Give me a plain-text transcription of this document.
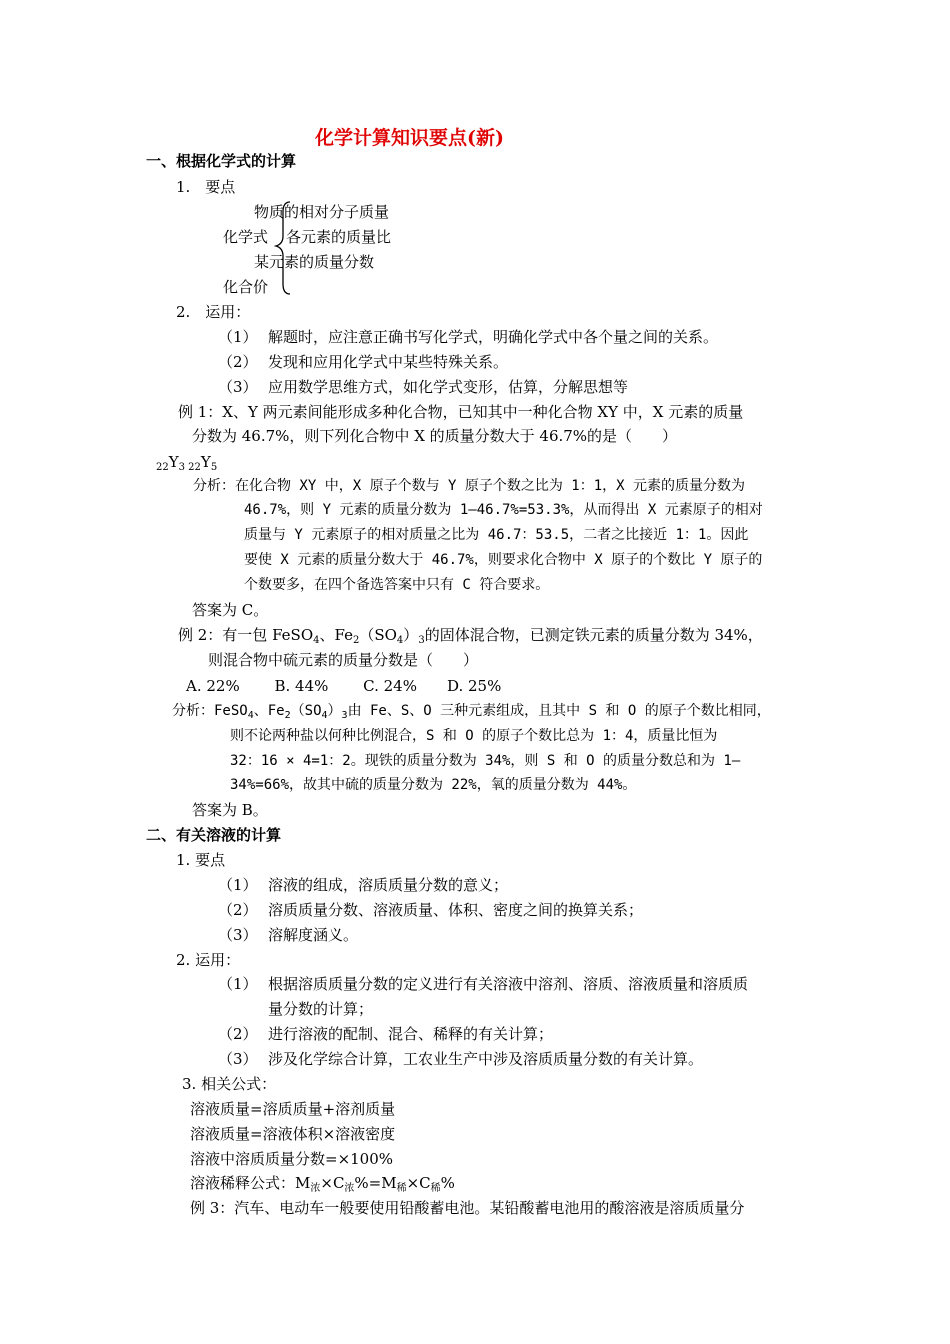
化学计算知识要点(新)
一、根据化学式的计算
1.　要点
物质的相对分子质量
化学式 各元素的质量比
某元素的质量分数
化合价
2.　运用：
（1） 解题时，应注意正确书写化学式，明确化学式中各个量之间的关系。
（2） 发现和应用化学式中某些特殊关系。
（3） 应用数学思维方式，如化学式变形，估算，分解思想等
例 1：X、Y 两元素间能形成多种化合物，已知其中一种化合物 XY 中，X 元素的质量
分数为 46.7%，则下列化合物中 X 的质量分数大于 46.7%的是（　　）
$_{22}Y_{3 22}Y_5$
分析：在化合物 XY 中，X 原子个数与 Y 原子个数之比为 1：1，X 元素的质量分数为
46.7%，则 Y 元素的质量分数为 1—46.7%=53.3%，从而得出 X 元素原子的相对
质量与 Y 元素原子的相对质量之比为 46.7：53.5，二者之比接近 1：1。因此
要使 X 元素的质量分数大于 46.7%，则要求化合物中 X 原子的个数比 Y 原子的
个数要多，在四个备选答案中只有 C 符合要求。
答案为 C。
例 2：有一包 FeSO$_4$、$Fe_2(SO_4)_3$的固体混合物，已测定铁元素的质量分数为 34%，
则混合物中硫元素的质量分数是（　　）
A. 22%　　 B. 44%　　 C. 24%　　D. 25%
分析：FeSO$_4$、$Fe_2(SO_4)_3$由 Fe、S、O 三种元素组成，且其中 S 和 O 的原子个数比相同，
则不论两种盐以何种比例混合，S 和 O 的原子个数比总为 1：4，质量比恒为
32：16 × 4=1：2。现铁的质量分数为 34%，则 S 和 O 的质量分数总和为 1—
34%=66%，故其中硫的质量分数为 22%，氧的质量分数为 44%。
答案为 B。
二、有关溶液的计算
1. 要点
（1） 溶液的组成，溶质质量分数的意义；
（2） 溶质质量分数、溶液质量、体积、密度之间的换算关系；
（3） 溶解度涵义。
2. 运用：
（1） 根据溶质质量分数的定义进行有关溶液中溶剂、溶质、溶液质量和溶质质
量分数的计算；
（2） 进行溶液的配制、混合、稀释的有关计算；
（3） 涉及化学综合计算，工农业生产中涉及溶质质量分数的有关计算。
3. 相关公式：
溶液质量=溶质质量+溶剂质量
溶液质量=溶液体积×溶液密度
溶液中溶质质量分数=×100%
溶液稀释公式：$M_浓\times C_浓\%=M_稀\times C_稀\%$
例 3：汽车、电动车一般要使用铅酸蓄电池。某铅酸蓄电池用的酸溶液是溶质质量分
